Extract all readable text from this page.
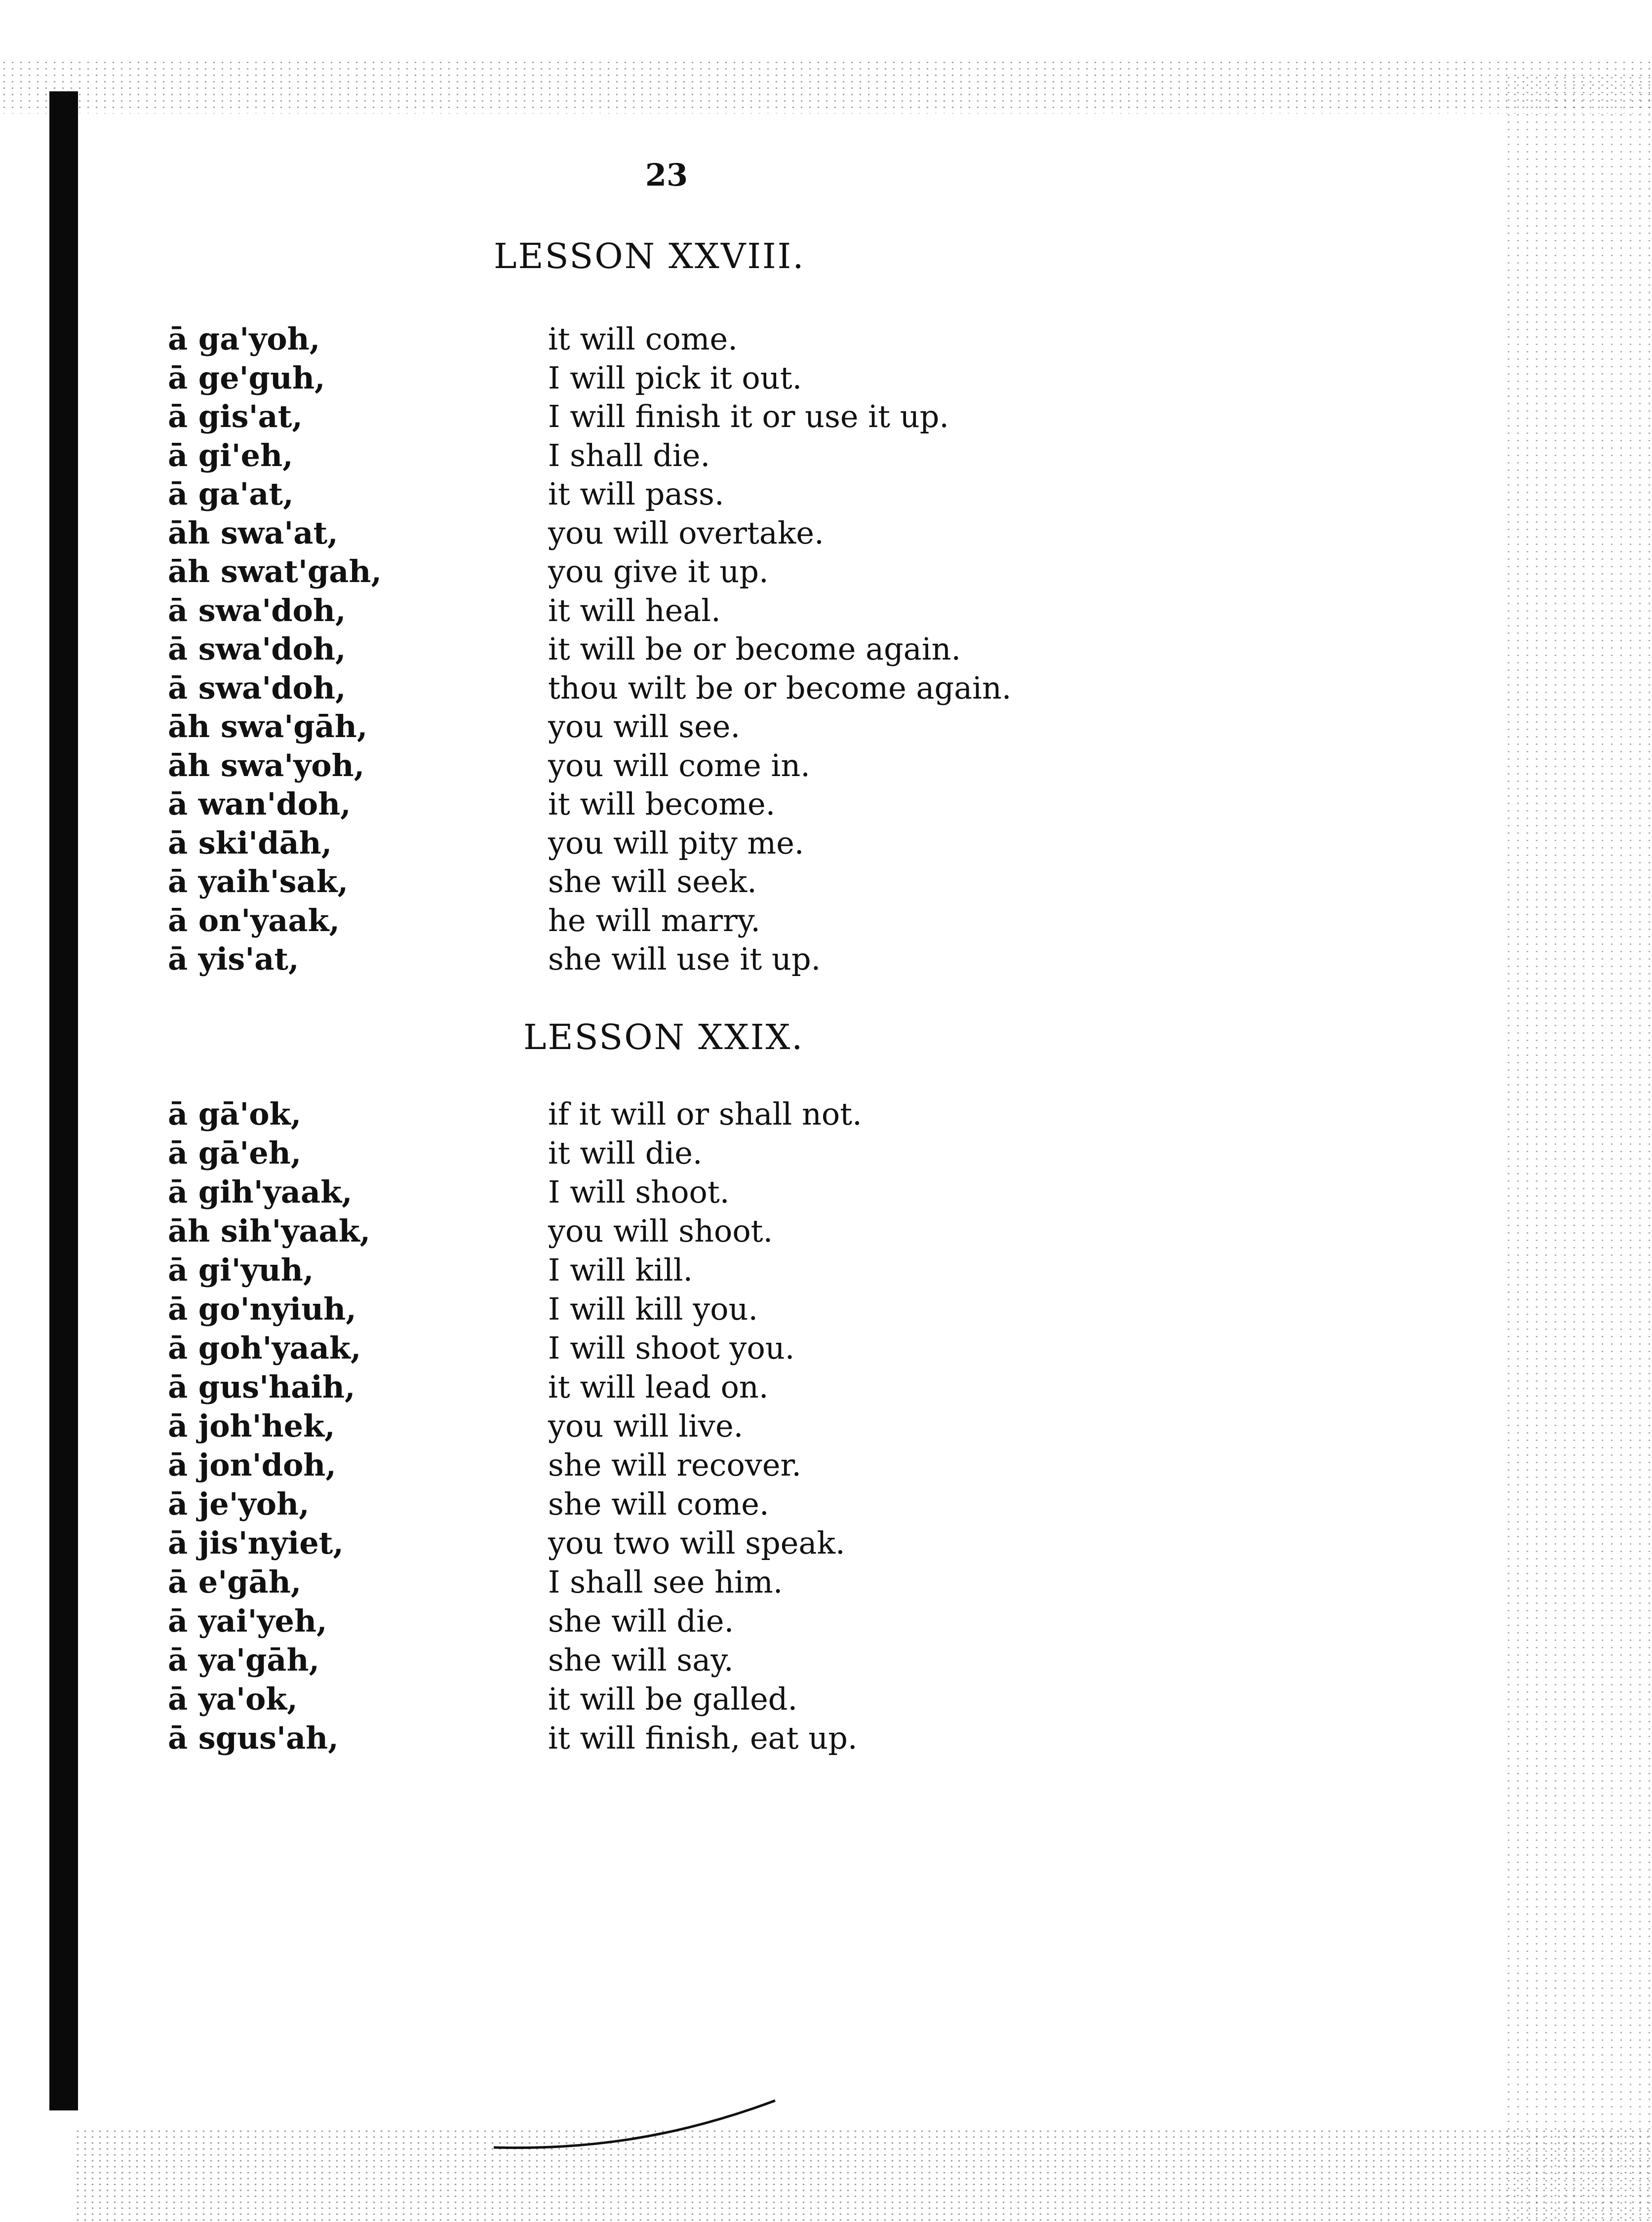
23
LESSON XXVIII.
ā ga'yoh,	it will come.
ā ge'guh,	I will pick it out.
ā gis'at,	I will finish it or use it up.
ā gi'eh,	I shall die.
ā ga'at,	it will pass.
āh swa'at,	you will overtake.
āh swat'gah,	you give it up.
ā swa'doh,	it will heal.
ā swa'doh,	it will be or become again.
ā swa'doh,	thou wilt be or become again.
āh swa'gāh,	you will see.
āh swa'yoh,	you will come in.
ā wan'doh,	it will become.
ā ski'dāh,	you will pity me.
ā yaih'sak,	she will seek.
ā on'yaak,	he will marry.
ā yis'at,	she will use it up.
LESSON XXIX.
ā gā'ok,	if it will or shall not.
ā gā'eh,	it will die.
ā gih'yaak,	I will shoot.
āh sih'yaak,	you will shoot.
ā gi'yuh,	I will kill.
ā go'nyiuh,	I will kill you.
ā goh'yaak,	I will shoot you.
ā gus'haih,	it will lead on.
ā joh'hek,	you will live.
ā jon'doh,	she will recover.
ā je'yoh,	she will come.
ā jis'nyiet,	you two will speak.
ā e'gāh,	I shall see him.
ā yai'yeh,	she will die.
ā ya'gāh,	she will say.
ā ya'ok,	it will be galled.
ā sgus'ah,	it will finish, eat up.
